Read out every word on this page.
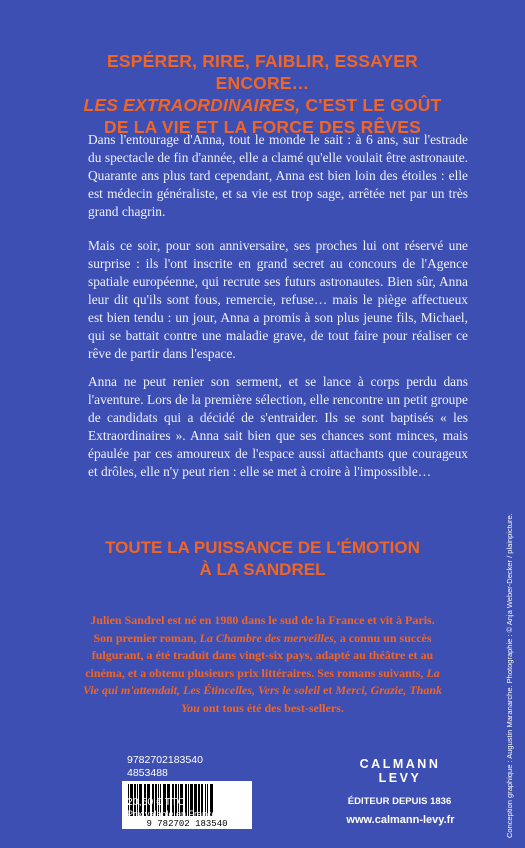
ESPÉRER, RIRE, FAIBLIR, ESSAYER ENCORE…
LES EXTRAORDINAIRES, C'EST LE GOÛT
DE LA VIE ET LA FORCE DES RÊVES

Dans l'entourage d'Anna, tout le monde le sait : à 6 ans, sur l'estrade du spectacle de fin d'année, elle a clamé qu'elle voulait être astronaute. Quarante ans plus tard cependant, Anna est bien loin des étoiles : elle est médecin généraliste, et sa vie est trop sage, arrêtée net par un très grand chagrin.

Mais ce soir, pour son anniversaire, ses proches lui ont réservé une surprise : ils l'ont inscrite en grand secret au concours de l'Agence spatiale européenne, qui recrute ses futurs astronautes. Bien sûr, Anna leur dit qu'ils sont fous, remercie, refuse… mais le piège affectueux est bien tendu : un jour, Anna a promis à son plus jeune fils, Michael, qui se battait contre une maladie grave, de tout faire pour réaliser ce rêve de partir dans l'espace.

Anna ne peut renier son serment, et se lance à corps perdu dans l'aventure. Lors de la première sélection, elle rencontre un petit groupe de candidats qui a décidé de s'entraider. Ils se sont baptisés « les Extraordinaires ». Anna sait bien que ses chances sont minces, mais épaulée par ces amoureux de l'espace aussi attachants que courageux et drôles, elle n'y peut rien : elle se met à croire à l'impossible…

TOUTE LA PUISSANCE DE L'ÉMOTION
À LA SANDREL
Julien Sandrel est né en 1980 dans le sud de la France et vit à Paris. Son premier roman, La Chambre des merveilles, a connu un succès fulgurant, a été traduit dans vingt-six pays, adapté au théâtre et au cinéma, et a obtenu plusieurs prix littéraires. Ses romans suivants, La Vie qui m'attendait, Les Étincelles, Vers le soleil et Merci, Grazie, Thank You ont tous été des best-sellers.
9782702183540
4853488
9 782702 183540
20,50 € TTC
Prix valable en France
CALMANN
LEVY
ÉDITEUR DEPUIS 1836
www.calmann-levy.fr	Conception graphique : Augustin Maranarche. Photographie : © Anja Weber-Decker / plainpicture.
